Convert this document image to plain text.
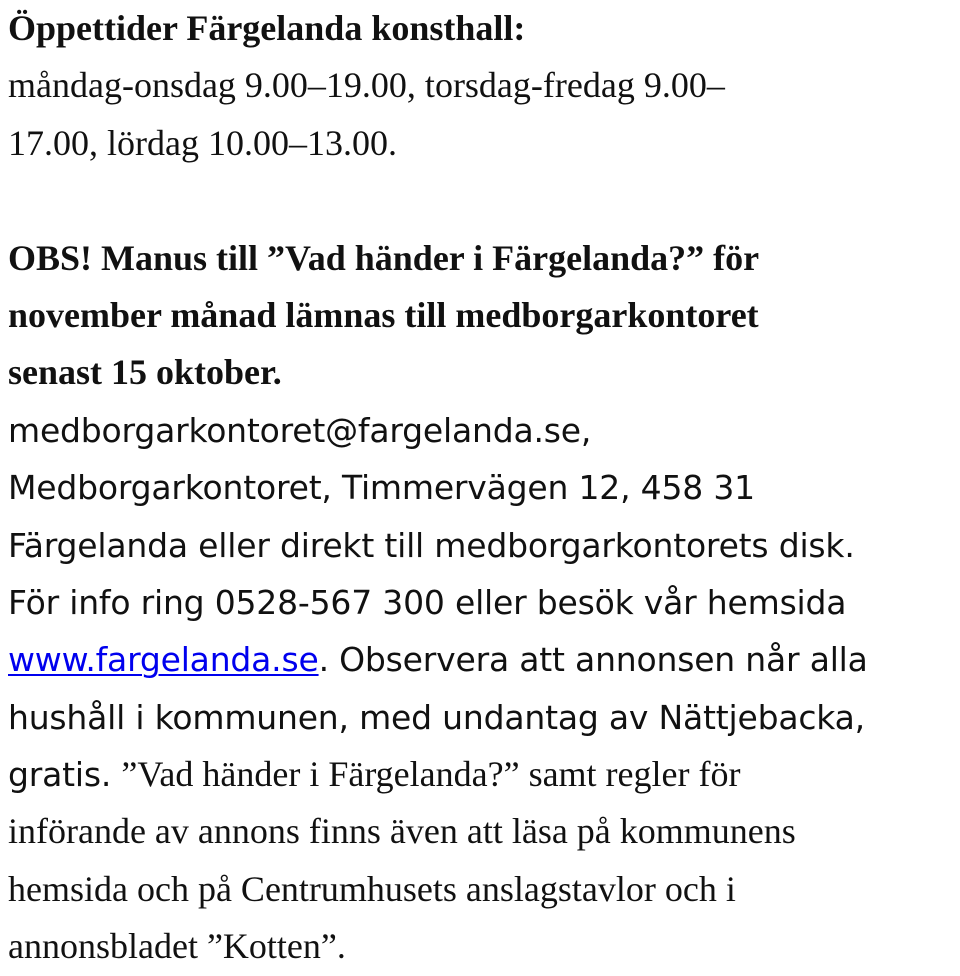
Öppettider Färgelanda konsthall:
måndag-onsdag 9.00–19.00, torsdag-fredag 9.00–
17.00, lördag 10.00–13.00.
OBS! Manus till ”Vad händer i Färgelanda?” för
november månad lämnas till medborgarkontoret
senast 15 oktober.
medborgarkontoret@fargelanda.se,
Medborgarkontoret, Timmervägen 12, 458 31
Färgelanda eller direkt till medborgarkontorets disk.
För info ring 0528-567 300 eller besök vår hemsida
www.fargelanda.se. Observera att annonsen når alla
hushåll i kommunen, med undantag av Nättjebacka,
gratis. ”Vad händer i Färgelanda?” samt regler för
införande av annons finns även att läsa på kommunens
hemsida och på Centrumhusets anslagstavlor och i
annonsbladet ”Kotten”.
